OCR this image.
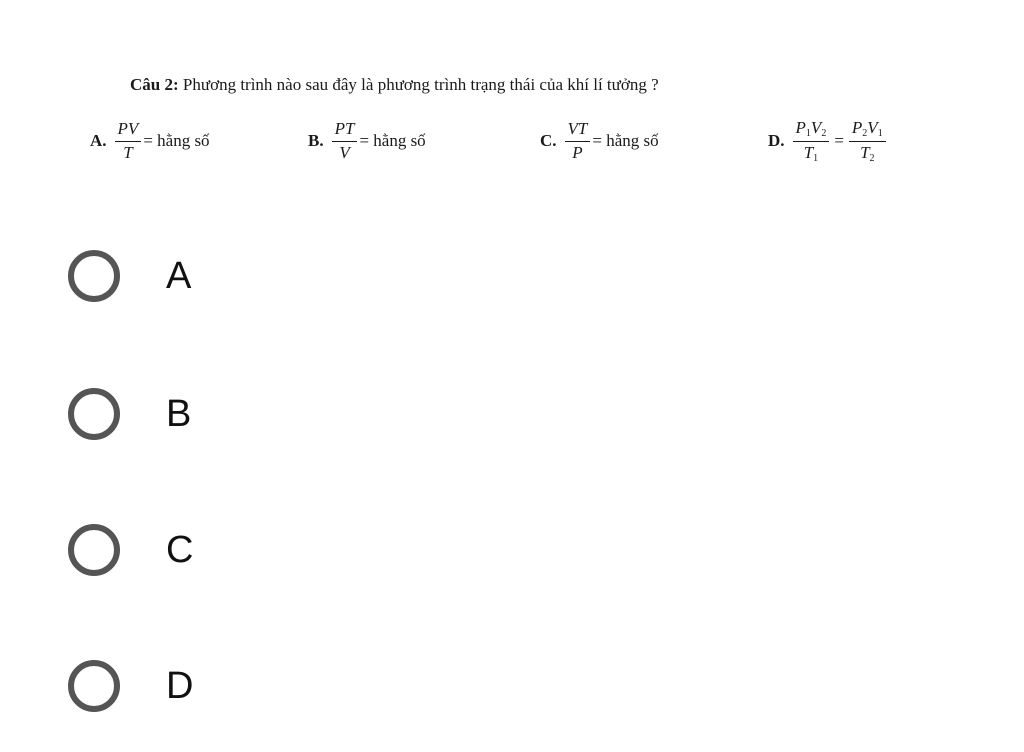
Câu 2: Phương trình nào sau đây là phương trình trạng thái của khí lí tưởng ?
A. $\frac{PV}{T}$ = hằng số	B. $\frac{PT}{V}$ = hằng số	C. $\frac{VT}{P}$ = hằng số	D. $\frac{P_1V_2}{T_1} = \frac{P_2V_1}{T_2}$
A
B
C
D
